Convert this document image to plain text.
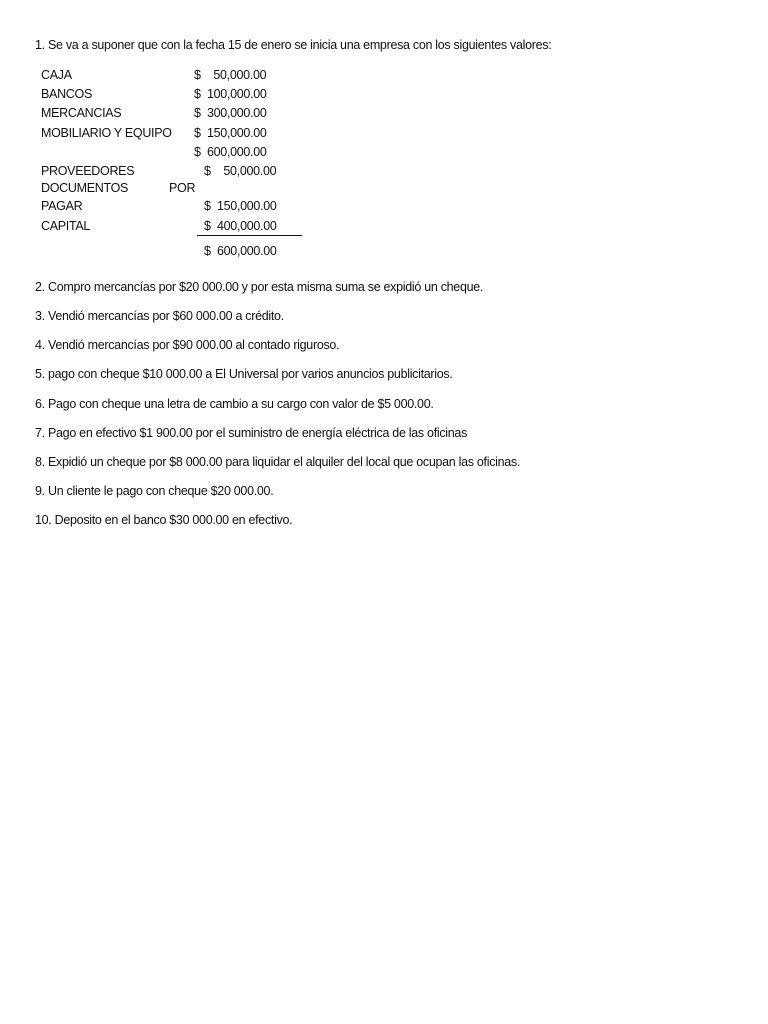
1. Se va a suponer que con la fecha 15 de enero se inicia una empresa con los siguientes valores:
CAJA	$    50,000.00
BANCOS	$  100,000.00
MERCANCIAS	$  300,000.00
MOBILIARIO Y EQUIPO $  150,000.00
$  600,000.00
PROVEEDORES	$    50,000.00
DOCUMENTOS	POR
PAGAR	$  150,000.00
CAPITAL	$  400,000.00
$  600,000.00
2. Compro mercancías por $20 000.00 y por esta misma suma se expidió un cheque.
3. Vendió mercancías por $60 000.00 a crédito.
4. Vendió mercancías por $90 000.00 al contado riguroso.
5. pago con cheque $10 000.00 a El Universal por varios anuncios publicitarios.
6. Pago con cheque una letra de cambio a su cargo con valor de $5 000.00.
7. Pago en efectivo $1 900.00 por el suministro de energía eléctrica de las oficinas
8. Expidió un cheque por $8 000.00 para liquidar el alquiler del local que ocupan las oficinas.
9. Un cliente le pago con cheque $20 000.00.
10. Deposito en el banco $30 000.00 en efectivo.
